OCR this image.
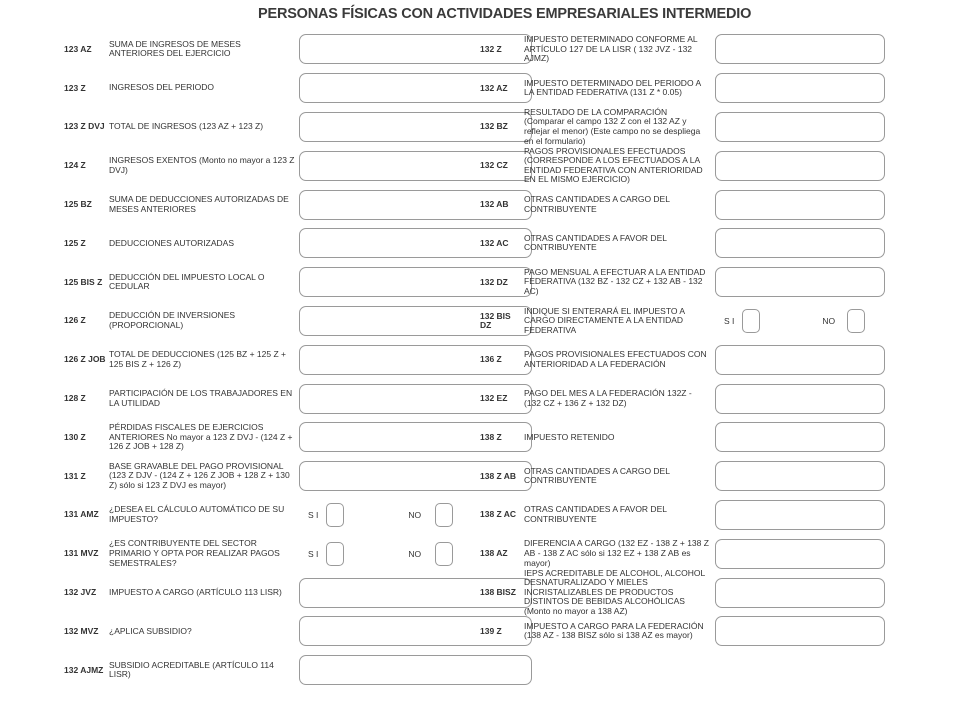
PERSONAS FÍSICAS CON ACTIVIDADES EMPRESARIALES INTERMEDIO
123 AZ
SUMA DE INGRESOS DE MESES ANTERIORES DEL EJERCICIO
123 Z	INGRESOS DEL PERIODO
123 Z DVJ TOTAL DE INGRESOS (123 AZ + 123 Z)
124 Z
INGRESOS EXENTOS (Monto no mayor a 123 Z DVJ)
125 BZ
SUMA DE DEDUCCIONES AUTORIZADAS DE MESES ANTERIORES
125 Z	DEDUCCIONES AUTORIZADAS
125 BIS Z
DEDUCCIÓN DEL IMPUESTO LOCAL O CEDULAR
126 Z
DEDUCCIÓN DE INVERSIONES (PROPORCIONAL)
126 Z JOB
TOTAL DE DEDUCCIONES (125 BZ + 125 Z + 125 BIS Z + 126 Z)
128 Z
PARTICIPACIÓN DE LOS TRABAJADORES EN LA UTILIDAD
130 Z
PÉRDIDAS FISCALES DE EJERCICIOS ANTERIORES No mayor a 123 Z DVJ - (124 Z + 126 Z JOB + 128 Z)
131 Z
BASE GRAVABLE DEL PAGO PROVISIONAL (123 Z DJV - (124 Z + 126 Z JOB + 128 Z + 130 Z) sólo si 123 Z DVJ es mayor)
131 AMZ
¿DESEA EL CÁLCULO AUTOMÁTICO DE SU IMPUESTO?	S I	NO
131 MVZ
¿ES CONTRIBUYENTE DEL SECTOR PRIMARIO Y OPTA POR REALIZAR PAGOS SEMESTRALES?
S I	NO
132 JVZ	IMPUESTO A CARGO (ARTÍCULO 113 LISR)
132 MVZ	¿APLICA SUBSIDIO?
132 AJMZ
SUBSIDIO ACREDITABLE (ARTÍCULO 114 LISR)
132 Z
IMPUESTO DETERMINADO CONFORME AL ARTÍCULO 127 DE LA LISR ( 132 JVZ - 132 AJMZ)
132 AZ
IMPUESTO DETERMINADO DEL PERIODO A LA ENTIDAD FEDERATIVA (131 Z * 0.05)
132 BZ
RESULTADO DE LA COMPARACIÓN (Comparar el campo 132 Z con el 132 AZ y reflejar el menor) (Este campo no se despliega en el formulario)
132 CZ
PAGOS PROVISIONALES EFECTUADOS (CORRESPONDE A LOS EFECTUADOS A LA ENTIDAD FEDERATIVA CON ANTERIORIDAD EN EL MISMO EJERCICIO)
132 AB
OTRAS CANTIDADES A CARGO DEL CONTRIBUYENTE
132 AC
OTRAS CANTIDADES A FAVOR DEL CONTRIBUYENTE
132 DZ
PAGO MENSUAL A EFECTUAR A LA ENTIDAD FEDERATIVA (132 BZ - 132 CZ + 132 AB - 132 AC)
132 BIS DZ
INDIQUE SI ENTERARÁ EL IMPUESTO A CARGO DIRECTAMENTE A LA ENTIDAD FEDERATIVA
S I	NO
136 Z
PAGOS PROVISIONALES EFECTUADOS CON ANTERIORIDAD A LA FEDERACIÓN
132 EZ
PAGO DEL MES A LA FEDERACIÓN 132Z - (132 CZ + 136 Z + 132 DZ)
138 Z	IMPUESTO RETENIDO
138 Z AB
OTRAS CANTIDADES A CARGO DEL CONTRIBUYENTE
138 Z AC
OTRAS CANTIDADES A FAVOR DEL CONTRIBUYENTE
138 AZ
DIFERENCIA A CARGO (132 EZ - 138 Z + 138 Z AB - 138 Z AC sólo si 132 EZ + 138 Z AB es mayor)
138 BISZ
IEPS ACREDITABLE DE ALCOHOL, ALCOHOL DESNATURALIZADO Y MIELES INCRISTALIZABLES DE PRODUCTOS DISTINTOS DE BEBIDAS ALCOHÓLICAS (Monto no mayor a 138 AZ)
139 Z
IMPUESTO A CARGO PARA LA FEDERACIÓN (138 AZ - 138 BISZ sólo si 138 AZ es mayor)
